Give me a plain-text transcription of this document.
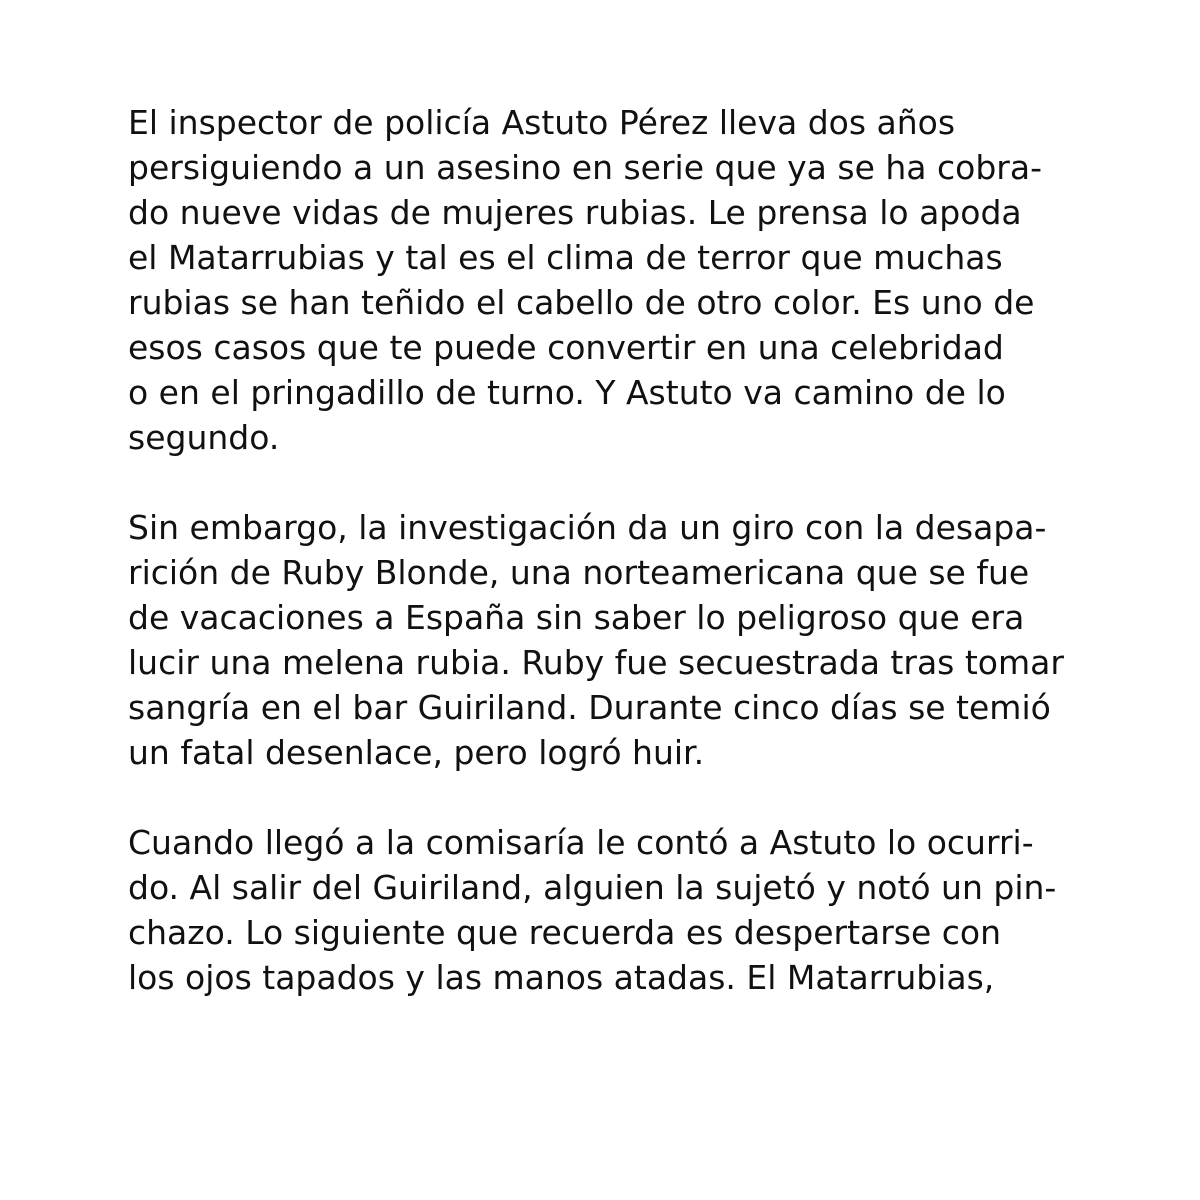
El inspector de policía Astuto Pérez lleva dos años
persiguiendo a un asesino en serie que ya se ha cobra-
do nueve vidas de mujeres rubias. Le prensa lo apoda
el Matarrubias y tal es el clima de terror que muchas
rubias se han teñido el cabello de otro color. Es uno de
esos casos que te puede convertir en una celebridad
o en el pringadillo de turno. Y Astuto va camino de lo
segundo.

Sin embargo, la investigación da un giro con la desapa-
rición de Ruby Blonde, una norteamericana que se fue
de vacaciones a España sin saber lo peligroso que era
lucir una melena rubia. Ruby fue secuestrada tras tomar
sangría en el bar Guiriland. Durante cinco días se temió
un fatal desenlace, pero logró huir.

Cuando llegó a la comisaría le contó a Astuto lo ocurri-
do. Al salir del Guiriland, alguien la sujetó y notó un pin-
chazo. Lo siguiente que recuerda es despertarse con
los ojos tapados y las manos atadas. El Matarrubias,
